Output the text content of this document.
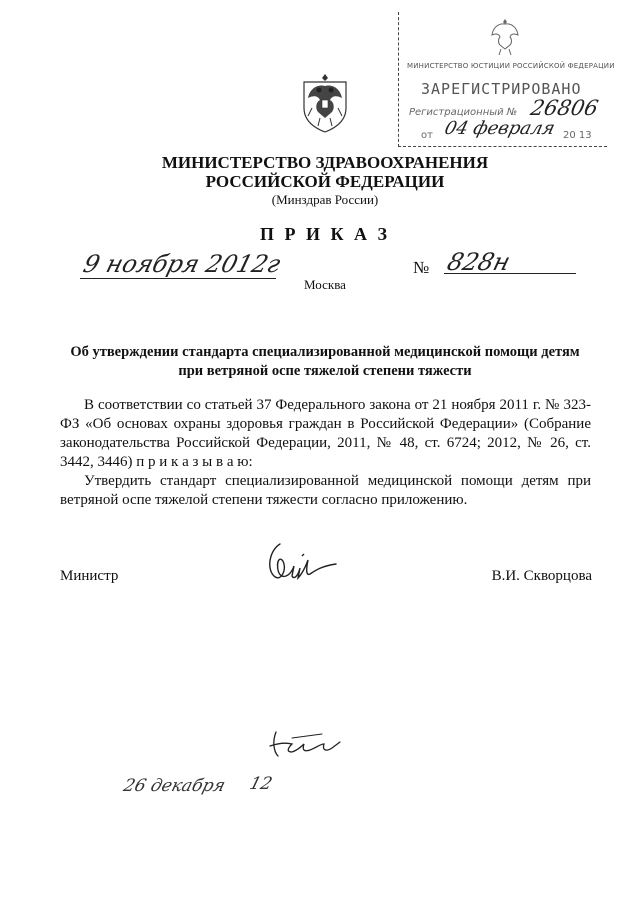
МИНИСТЕРСТВО ЮСТИЦИИ РОССИЙСКОЙ ФЕДЕРАЦИИ
ЗАРЕГИСТРИРОВАНО
Регистрационный № 26806
от 04 февраля 20 13
МИНИСТЕРСТВО ЗДРАВООХРАНЕНИЯ
РОССИЙСКОЙ ФЕДЕРАЦИИ
(Минздрав России)
П Р И К А З
9 ноября 2012г	№ 828н
Москва
Об утверждении стандарта специализированной медицинской помощи детям
при ветряной оспе тяжелой степени тяжести

В соответствии со статьей 37 Федерального закона от 21 ноября 2011 г. № 323-ФЗ «Об основах охраны здоровья граждан в Российской Федерации» (Собрание законодательства Российской Федерации, 2011, № 48, ст. 6724; 2012, № 26, ст. 3442, 3446) п р и к а з ы в а ю:

Утвердить стандарт специализированной медицинской помощи детям при ветряной оспе тяжелой степени тяжести согласно приложению.

Министр	В.И. Скворцова
26 декабря 12
